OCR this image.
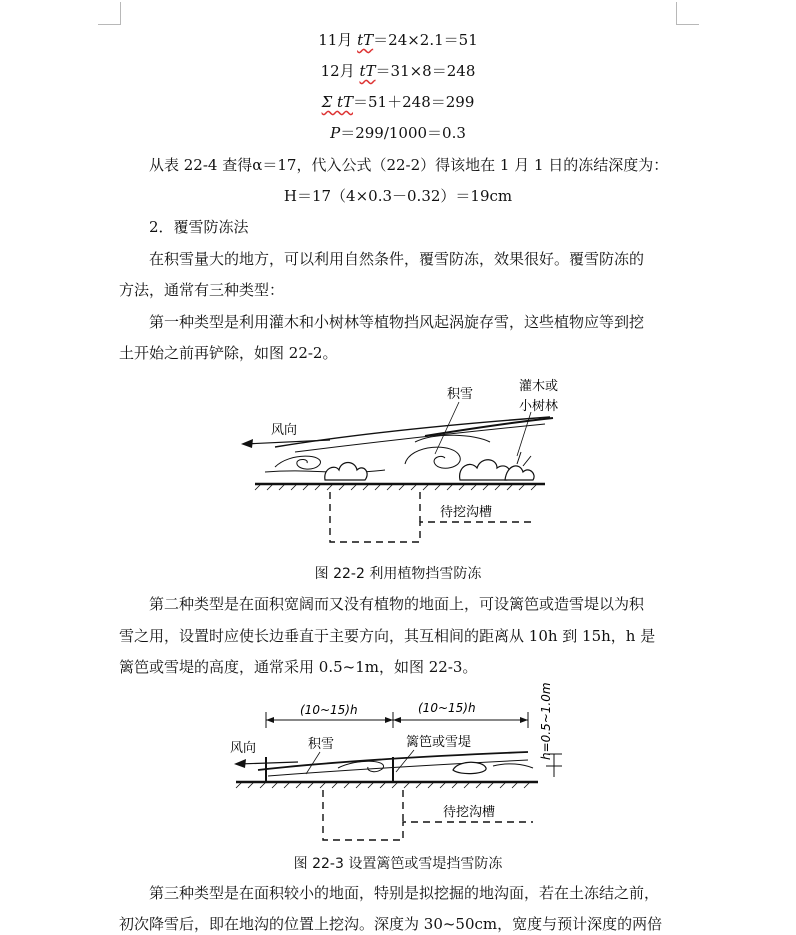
11月 tT＝24×2.1＝51
12月 tT＝31×8＝248
Σ tT＝51＋248＝299
P＝299/1000＝0.3
从表 22-4 查得α＝17，代入公式（22-2）得该地在 1 月 1 日的冻结深度为：
H＝17（4×0.3－0.32）＝19cm
2．覆雪防冻法
在积雪量大的地方，可以利用自然条件，覆雪防冻，效果很好。覆雪防冻的
方法，通常有三种类型：
第一种类型是利用灌木和小树林等植物挡风起涡旋存雪，这些植物应等到挖
土开始之前再铲除，如图 22-2。
积雪
灌木或
小树林
风向
待挖沟槽
图 22-2 利用植物挡雪防冻
第二种类型是在面积宽阔而又没有植物的地面上，可设篱笆或造雪堤以为积
雪之用，设置时应使长边垂直于主要方向，其互相间的距离从 10h 到 15h，h 是
篱笆或雪堤的高度，通常采用 0.5~1m，如图 22-3。
(10~15)h	(10~15)h	h=0.5~1.0m
风向	积雪	篱笆或雪堤
待挖沟槽
图 22-3 设置篱笆或雪堤挡雪防冻
第三种类型是在面积较小的地面，特别是拟挖掘的地沟面，若在土冻结之前，
初次降雪后，即在地沟的位置上挖沟。深度为 30~50cm，宽度与预计深度的两倍
